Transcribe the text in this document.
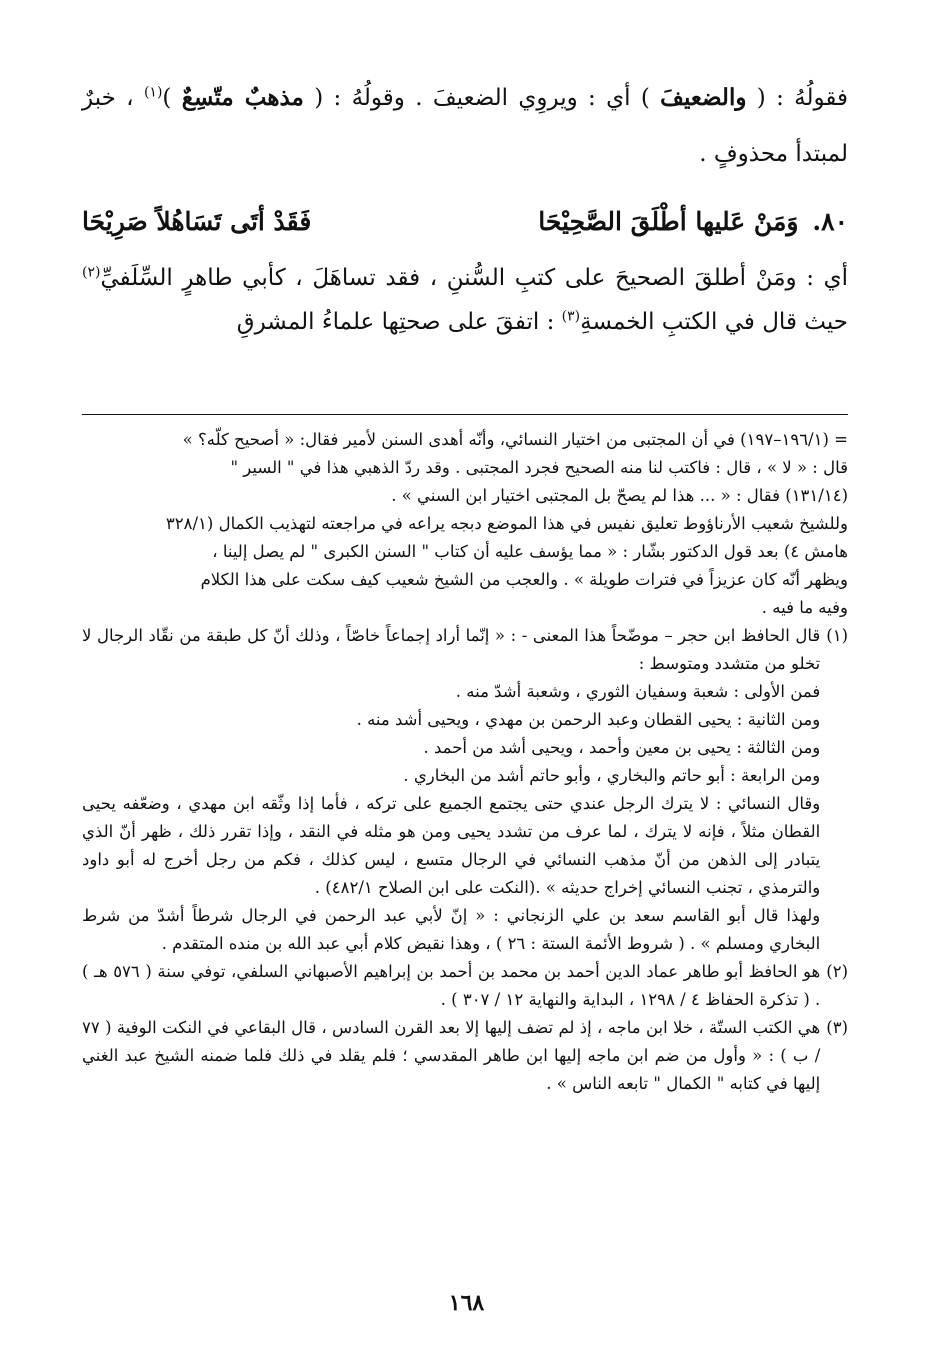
فقولُهُ : ( والضعيفَ ) أي : ويروِي الضعيفَ . وقولُهُ : ( مذهبٌ متّسِعٌ )$^{(١)}$ ، خبرٌ لمبتدأ محذوفٍ .

٨٠.
وَمَنْ عَليها أطْلَقَ الصَّحِيْحَا
فَقَدْ أتَى تَسَاهُلاً صَرِيْحَا

أي : ومَنْ أطلقَ الصحيحَ على كتبِ السُّننِ ، فقد تساهَلَ ، كأبي طاهرٍ السِّلَفيِّ$^{(٢)}$ حيث قال في الكتبِ الخمسةِ$^{(٣)}$ : اتفقَ على صحتِها علماءُ المشرقِ

= (١٩٦/١–١٩٧) في أن المجتبى من اختيار النسائي، وأنّه أهدى السنن لأمير فقال: « أصحيح كلّه؟ »

قال : « لا » ، قال : فاكتب لنا منه الصحيح فجرد المجتبى . وقد ردّ الذهبي هذا في " السير "

(١٣١/١٤) فقال : « ... هذا لم يصحّ بل المجتبى اختيار ابن السني » .

وللشيخ شعيب الأرناؤوط تعليق نفيس في هذا الموضع دبجه يراعه في مراجعته لتهذيب الكمال (٣٢٨/١

هامش ٤) بعد قول الدكتور بشّار : « مما يؤسف عليه أن كتاب " السنن الكبرى " لم يصل إلينا ،

ويظهر أنّه كان عزيزاً في فترات طويلة » . والعجب من الشيخ شعيب كيف سكت على هذا الكلام

وفيه ما فيه .

(١)

قال الحافظ ابن حجر – موضّحاً هذا المعنى - : « إنّما أراد إجماعاً خاصّاً ، وذلك أنّ كل طبقة من نقّاد الرجال لا تخلو من متشدد ومتوسط :

فمن الأولى : شعبة وسفيان الثوري ، وشعبة أشدّ منه .

ومن الثانية : يحيى القطان وعبد الرحمن بن مهدي ، ويحيى أشد منه .

ومن الثالثة : يحيى بن معين وأحمد ، ويحيى أشد من أحمد .

ومن الرابعة : أبو حاتم والبخاري ، وأبو حاتم أشد من البخاري .

وقال النسائي : لا يترك الرجل عندي حتى يجتمع الجميع على تركه ، فأما إذا وثّقه ابن مهدي ، وضعّفه يحيى القطان مثلاً ، فإنه لا يترك ، لما عرف من تشدد يحيى ومن هو مثله في النقد ، وإذا تقرر ذلك ، ظهر أنّ الذي يتبادر إلى الذهن من أنّ مذهب النسائي في الرجال متسع ، ليس كذلك ، فكم من رجل أخرج له أبو داود والترمذي ، تجنب النسائي إخراج حديثه » .(النكت على ابن الصلاح ٤٨٢/١) .

ولهذا قال أبو القاسم سعد بن علي الزنجاني : « إنّ لأبي عبد الرحمن في الرجال شرطاً أشدّ من شرط البخاري ومسلم » . ( شروط الأئمة الستة : ٢٦ ) ، وهذا نقيض كلام أبي عبد الله بن منده المتقدم .

(٢)

هو الحافظ أبو طاهر عماد الدين أحمد بن محمد بن أحمد بن إبراهيم الأصبهاني السلفي، توفي سنة ( ٥٧٦ هـ ) . ( تذكرة الحفاظ ٤ / ١٢٩٨ ، البداية والنهاية ١٢ / ٣٠٧ ) .

(٣)

هي الكتب الستّة ، خلا ابن ماجه ، إذ لم تضف إليها إلا بعد القرن السادس ، قال البقاعي في النكت الوفية ( ٧٧ / ب ) : « وأول من ضم ابن ماجه إليها ابن طاهر المقدسي ؛ فلم يقلد في ذلك فلما ضمنه الشيخ عبد الغني إليها في كتابه " الكمال " تابعه الناس » .

١٦٨
